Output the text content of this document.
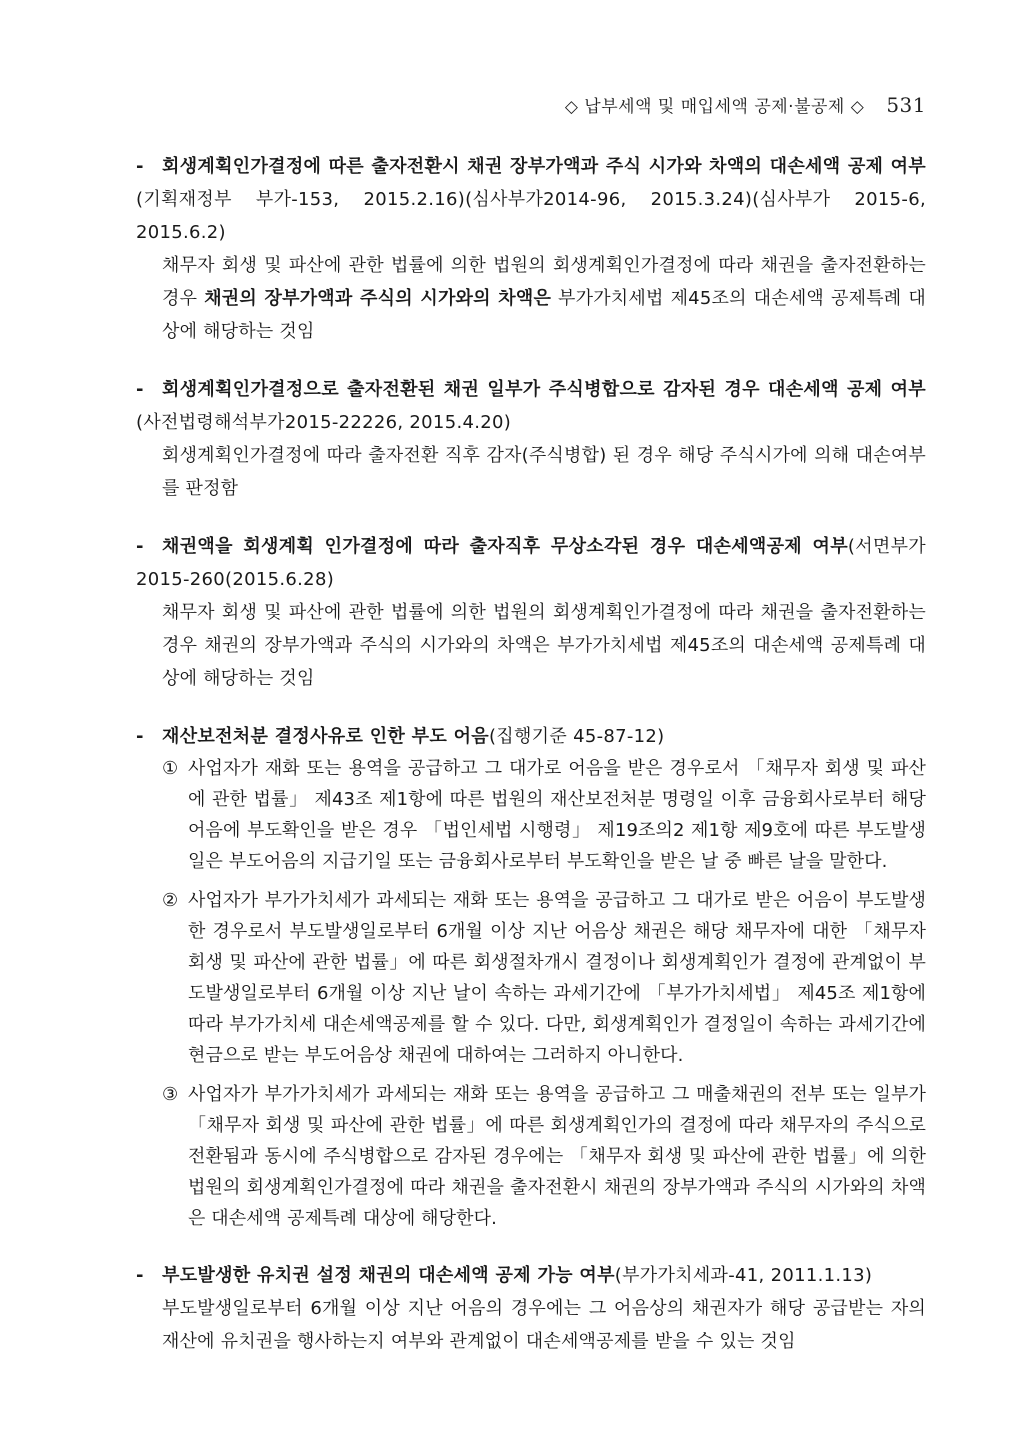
◇ 납부세액 및 매입세액 공제·불공제 ◇ 531
- 회생계획인가결정에 따른 출자전환시 채권 장부가액과 주식 시가와 차액의 대손세액 공제 여부(기획재정부 부가-153, 2015.2.16)(심사부가2014-96, 2015.3.24)(심사부가 2015-6, 2015.6.2)
채무자 회생 및 파산에 관한 법률에 의한 법원의 회생계획인가결정에 따라 채권을 출자전환하는 경우 채권의 장부가액과 주식의 시가와의 차액은 부가가치세법 제45조의 대손세액 공제특례 대상에 해당하는 것임
- 회생계획인가결정으로 출자전환된 채권 일부가 주식병합으로 감자된 경우 대손세액 공제 여부(사전법령해석부가2015-22226, 2015.4.20)
회생계획인가결정에 따라 출자전환 직후 감자(주식병합) 된 경우 해당 주식시가에 의해 대손여부를 판정함
- 채권액을 회생계획 인가결정에 따라 출자직후 무상소각된 경우 대손세액공제 여부(서면부가2015-260(2015.6.28)
채무자 회생 및 파산에 관한 법률에 의한 법원의 회생계획인가결정에 따라 채권을 출자전환하는 경우 채권의 장부가액과 주식의 시가와의 차액은 부가가치세법 제45조의 대손세액 공제특례 대상에 해당하는 것임
- 재산보전처분 결정사유로 인한 부도 어음(집행기준 45-87-12)
① 사업자가 재화 또는 용역을 공급하고 그 대가로 어음을 받은 경우로서 「채무자 회생 및 파산에 관한 법률」 제43조 제1항에 따른 법원의 재산보전처분 명령일 이후 금융회사로부터 해당 어음에 부도확인을 받은 경우 「법인세법 시행령」 제19조의2 제1항 제9호에 따른 부도발생일은 부도어음의 지급기일 또는 금융회사로부터 부도확인을 받은 날 중 빠른 날을 말한다.
② 사업자가 부가가치세가 과세되는 재화 또는 용역을 공급하고 그 대가로 받은 어음이 부도발생한 경우로서 부도발생일로부터 6개월 이상 지난 어음상 채권은 해당 채무자에 대한 「채무자 회생 및 파산에 관한 법률」에 따른 회생절차개시 결정이나 회생계획인가 결정에 관계없이 부도발생일로부터 6개월 이상 지난 날이 속하는 과세기간에 「부가가치세법」 제45조 제1항에 따라 부가가치세 대손세액공제를 할 수 있다. 다만, 회생계획인가 결정일이 속하는 과세기간에 현금으로 받는 부도어음상 채권에 대하여는 그러하지 아니한다.
③ 사업자가 부가가치세가 과세되는 재화 또는 용역을 공급하고 그 매출채권의 전부 또는 일부가 「채무자 회생 및 파산에 관한 법률」에 따른 회생계획인가의 결정에 따라 채무자의 주식으로 전환됨과 동시에 주식병합으로 감자된 경우에는 「채무자 회생 및 파산에 관한 법률」에 의한 법원의 회생계획인가결정에 따라 채권을 출자전환시 채권의 장부가액과 주식의 시가와의 차액은 대손세액 공제특례 대상에 해당한다.
- 부도발생한 유치권 설정 채권의 대손세액 공제 가능 여부(부가가치세과-41, 2011.1.13)
부도발생일로부터 6개월 이상 지난 어음의 경우에는 그 어음상의 채권자가 해당 공급받는 자의 재산에 유치권을 행사하는지 여부와 관계없이 대손세액공제를 받을 수 있는 것임
